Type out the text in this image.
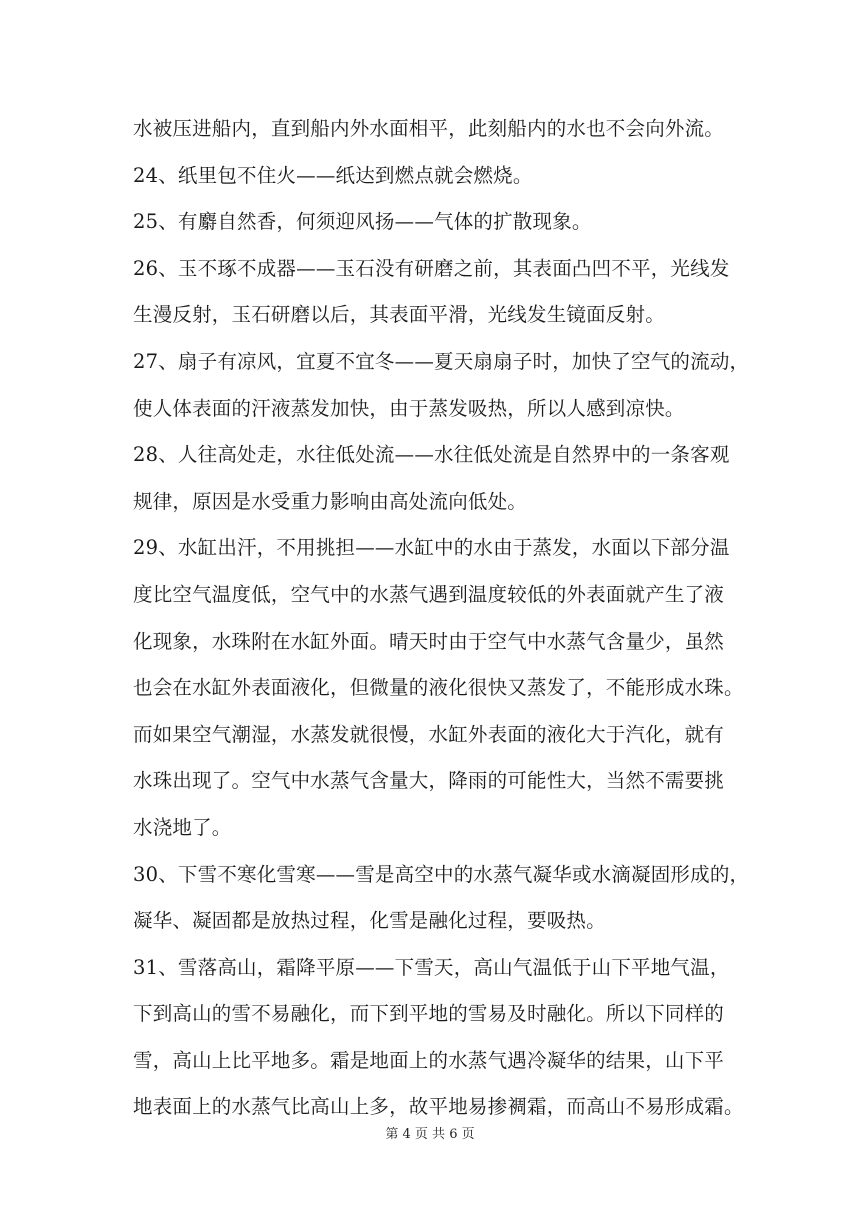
水被压进船内，直到船内外水面相平，此刻船内的水也不会向外流。
24、纸里包不住火——纸达到燃点就会燃烧。
25、有麝自然香，何须迎风扬——气体的扩散现象。
26、玉不琢不成器——玉石没有研磨之前，其表面凸凹不平，光线发
生漫反射，玉石研磨以后，其表面平滑，光线发生镜面反射。
27、扇子有凉风，宜夏不宜冬——夏天扇扇子时，加快了空气的流动，
使人体表面的汗液蒸发加快，由于蒸发吸热，所以人感到凉快。
28、人往高处走，水往低处流——水往低处流是自然界中的一条客观
规律，原因是水受重力影响由高处流向低处。
29、水缸出汗，不用挑担——水缸中的水由于蒸发，水面以下部分温
度比空气温度低，空气中的水蒸气遇到温度较低的外表面就产生了液
化现象，水珠附在水缸外面。晴天时由于空气中水蒸气含量少，虽然
也会在水缸外表面液化，但微量的液化很快又蒸发了，不能形成水珠。
而如果空气潮湿，水蒸发就很慢，水缸外表面的液化大于汽化，就有
水珠出现了。空气中水蒸气含量大，降雨的可能性大，当然不需要挑
水浇地了。
30、下雪不寒化雪寒——雪是高空中的水蒸气凝华或水滴凝固形成的，
凝华、凝固都是放热过程，化雪是融化过程，要吸热。
31、雪落高山，霜降平原——下雪天，高山气温低于山下平地气温，
下到高山的雪不易融化，而下到平地的雪易及时融化。所以下同样的
雪，高山上比平地多。霜是地面上的水蒸气遇冷凝华的结果，山下平
地表面上的水蒸气比高山上多，故平地易掺裯霜，而高山不易形成霜。

第 4 页 共 6 页
